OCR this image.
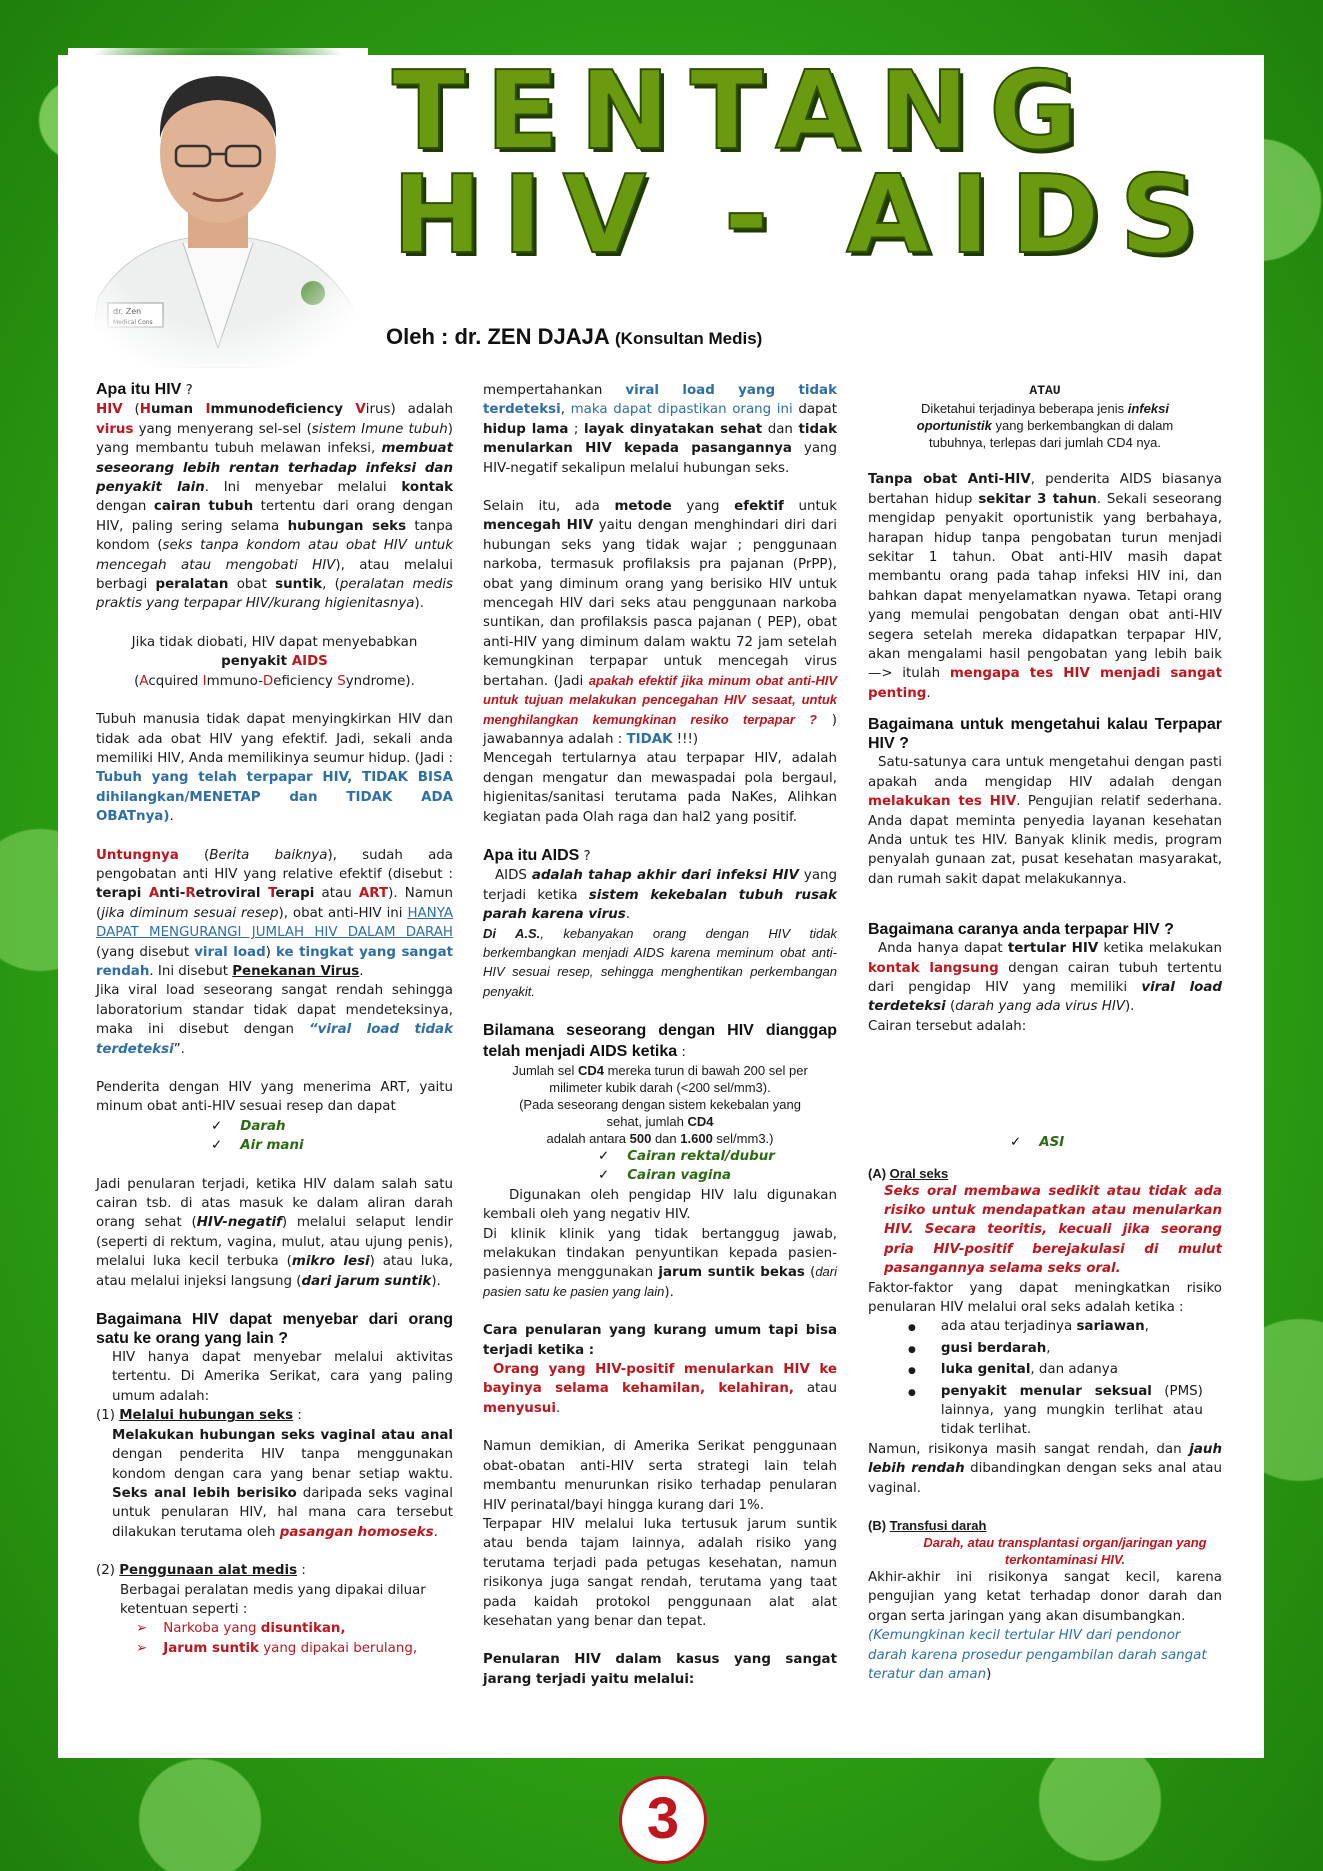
TENTANG
HIV - AIDS
Oleh : dr. ZEN DJAJA (Konsultan Medis)

Apa itu HIV ?

HIV (Human Immunodeficiency Virus) adalah virus yang menyerang sel-sel (sistem Imune tubuh) yang membantu tubuh melawan infeksi, membuat seseorang lebih rentan terhadap infeksi dan penyakit lain. Ini menyebar melalui kontak dengan cairan tubuh tertentu dari orang dengan HIV, paling sering selama hubungan seks tanpa kondom (seks tanpa kondom atau obat HIV untuk mencegah atau mengobati HIV), atau melalui berbagi peralatan obat suntik, (peralatan medis praktis yang terpapar HIV/kurang higienitasnya).

Jika tidak diobati, HIV dapat menyebabkan

penyakit AIDS

(Acquired Immuno-Deficiency Syndrome).

Tubuh manusia tidak dapat menyingkirkan HIV dan tidak ada obat HIV yang efektif. Jadi, sekali anda memiliki HIV, Anda memilikinya seumur hidup. (Jadi : Tubuh yang telah terpapar HIV, TIDAK BISA dihilangkan/MENETAP dan TIDAK ADA OBATnya).

Untungnya (Berita baiknya), sudah ada pengobatan anti HIV yang relative efektif (disebut : terapi Anti-Retroviral Terapi atau ART). Namun (jika diminum sesuai resep), obat anti-HIV ini HANYA DAPAT MENGURANGI JUMLAH HIV DALAM DARAH (yang disebut viral load) ke tingkat yang sangat rendah. Ini disebut Penekanan Virus.

Jika viral load seseorang sangat rendah sehingga laboratorium standar tidak dapat mendeteksinya, maka ini disebut dengan “viral load tidak terdeteksi”.

Penderita dengan HIV yang menerima ART, yaitu minum obat anti-HIV sesuai resep dan dapat

✓ Darah
✓ Air mani

Jadi penularan terjadi, ketika HIV dalam salah satu cairan tsb. di atas masuk ke dalam aliran darah orang sehat (HIV-negatif) melalui selaput lendir (seperti di rektum, vagina, mulut, atau ujung penis), melalui luka kecil terbuka (mikro lesi) atau luka, atau melalui injeksi langsung (dari jarum suntik).

Bagaimana HIV dapat menyebar dari orang satu ke orang yang lain ?

HIV hanya dapat menyebar melalui aktivitas tertentu. Di Amerika Serikat, cara yang paling umum adalah:

(1) Melalui hubungan seks :

Melakukan hubungan seks vaginal atau anal dengan penderita HIV tanpa menggunakan kondom dengan cara yang benar setiap waktu. Seks anal lebih berisiko daripada seks vaginal untuk penularan HIV, hal mana cara tersebut dilakukan terutama oleh pasangan homoseks.

(2) Penggunaan alat medis :

Berbagai peralatan medis yang dipakai diluar ketentuan seperti :

➢ Narkoba yang disuntikan,
➢ Jarum suntik yang dipakai berulang,

mempertahankan viral load yang tidak terdeteksi, maka dapat dipastikan orang ini dapat hidup lama ; layak dinyatakan sehat dan tidak menularkan HIV kepada pasangannya yang HIV-negatif sekalipun melalui hubungan seks.

Selain itu, ada metode yang efektif untuk mencegah HIV yaitu dengan menghindari diri dari hubungan seks yang tidak wajar ; penggunaan narkoba, termasuk profilaksis pra pajanan (PrPP), obat yang diminum orang yang berisiko HIV untuk mencegah HIV dari seks atau penggunaan narkoba suntikan, dan profilaksis pasca pajanan ( PEP), obat anti-HIV yang diminum dalam waktu 72 jam setelah kemungkinan terpapar untuk mencegah virus bertahan. (Jadi apakah efektif jika minum obat anti-HIV untuk tujuan melakukan pencegahan HIV sesaat, untuk menghilangkan kemungkinan resiko terpapar ? ) jawabannya adalah : TIDAK !!!)

Mencegah tertularnya atau terpapar HIV, adalah dengan mengatur dan mewaspadai pola bergaul, higienitas/sanitasi terutama pada NaKes, Alihkan kegiatan pada Olah raga dan hal2 yang positif.

Apa itu AIDS ?

AIDS adalah tahap akhir dari infeksi HIV yang terjadi ketika sistem kekebalan tubuh rusak parah karena virus.

Di A.S., kebanyakan orang dengan HIV tidak berkembangkan menjadi AIDS karena meminum obat anti-HIV sesuai resep, sehingga menghentikan perkembangan penyakit.

Bilamana seseorang dengan HIV dianggap telah menjadi AIDS ketika :

Jumlah sel CD4 mereka turun di bawah 200 sel per
milimeter kubik darah (<200 sel/mm3).
(Pada seseorang dengan sistem kekebalan yang
sehat, jumlah CD4
adalah antara 500 dan 1.600 sel/mm3.)
✓ Cairan rektal/dubur
✓ Cairan vagina

Digunakan oleh pengidap HIV lalu digunakan kembali oleh yang negativ HIV.

Di klinik klinik yang tidak bertanggug jawab, melakukan tindakan penyuntikan kepada pasien-pasiennya menggunakan jarum suntik bekas (dari pasien satu ke pasien yang lain).

Cara penularan yang kurang umum tapi bisa terjadi ketika :

Orang yang HIV-positif menularkan HIV ke bayinya selama kehamilan, kelahiran, atau menyusui.

Namun demikian, di Amerika Serikat penggunaan obat-obatan anti-HIV serta strategi lain telah membantu menurunkan risiko terhadap penularan HIV perinatal/bayi hingga kurang dari 1%.

Terpapar HIV melalui luka tertusuk jarum suntik atau benda tajam lainnya, adalah risiko yang terutama terjadi pada petugas kesehatan, namun risikonya juga sangat rendah, terutama yang taat pada kaidah protokol penggunaan alat alat kesehatan yang benar dan tepat.

Penularan HIV dalam kasus yang sangat jarang terjadi yaitu melalui:

ATAU

Diketahui terjadinya beberapa jenis infeksi
oportunistik yang berkembangkan di dalam
tubuhnya, terlepas dari jumlah CD4 nya.

Tanpa obat Anti-HIV, penderita AIDS biasanya bertahan hidup sekitar 3 tahun. Sekali seseorang mengidap penyakit oportunistik yang berbahaya, harapan hidup tanpa pengobatan turun menjadi sekitar 1 tahun. Obat anti-HIV masih dapat membantu orang pada tahap infeksi HIV ini, dan bahkan dapat menyelamatkan nyawa. Tetapi orang yang memulai pengobatan dengan obat anti-HIV segera setelah mereka didapatkan terpapar HIV, akan mengalami hasil pengobatan yang lebih baik —> itulah mengapa tes HIV menjadi sangat penting.

Bagaimana untuk mengetahui kalau Terpapar HIV ?

Satu-satunya cara untuk mengetahui dengan pasti apakah anda mengidap HIV adalah dengan melakukan tes HIV. Pengujian relatif sederhana. Anda dapat meminta penyedia layanan kesehatan Anda untuk tes HIV. Banyak klinik medis, program penyalah gunaan zat, pusat kesehatan masyarakat, dan rumah sakit dapat melakukannya.

Bagaimana caranya anda terpapar HIV ?

Anda hanya dapat tertular HIV ketika melakukan kontak langsung dengan cairan tubuh tertentu dari pengidap HIV yang memiliki viral load terdeteksi (darah yang ada virus HIV).

Cairan tersebut adalah:

✓ ASI

(A) Oral seks

Seks oral membawa sedikit atau tidak ada risiko untuk mendapatkan atau menularkan HIV. Secara teoritis, kecuali jika seorang pria HIV-positif berejakulasi di mulut pasangannya selama seks oral.

Faktor-faktor yang dapat meningkatkan risiko penularan HIV melalui oral seks adalah ketika :

● ada atau terjadinya sariawan,
● gusi berdarah,
● luka genital, dan adanya
● penyakit menular seksual (PMS) lainnya, yang mungkin terlihat atau tidak terlihat.

Namun, risikonya masih sangat rendah, dan jauh lebih rendah dibandingkan dengan seks anal atau vaginal.

(B) Transfusi darah

Darah, atau transplantasi organ/jaringan yang terkontaminasi HIV.

Akhir-akhir ini risikonya sangat kecil, karena pengujian yang ketat terhadap donor darah dan organ serta jaringan yang akan disumbangkan.

(Kemungkinan kecil tertular HIV dari pendonor darah karena prosedur pengambilan darah sangat teratur dan aman)

3
